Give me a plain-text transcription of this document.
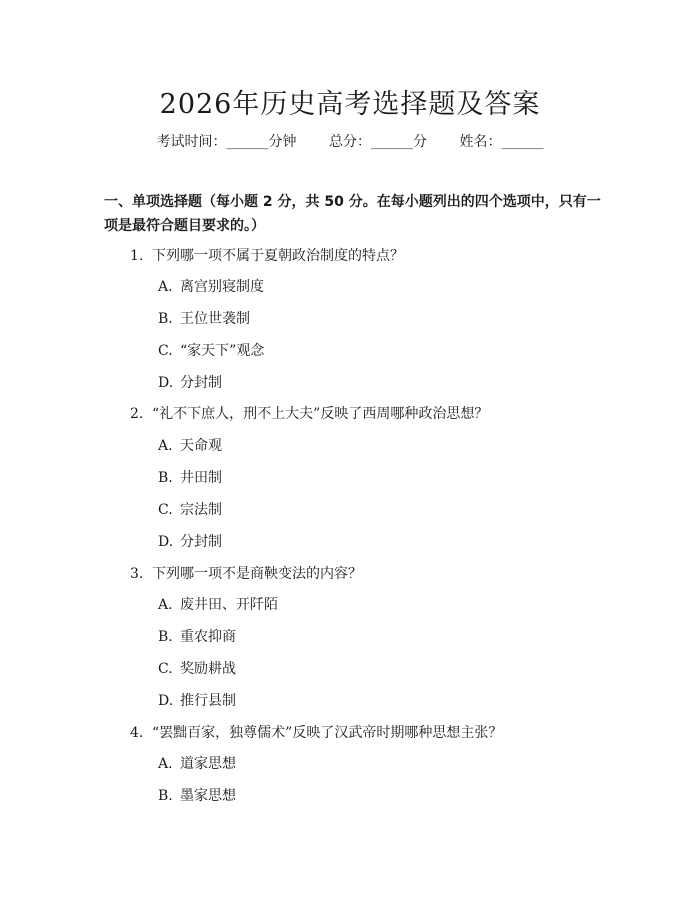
2026年历史高考选择题及答案
考试时间：______分钟 总分：______分 姓名：______
一、单项选择题（每小题 2 分，共 50 分。在每小题列出的四个选项中，只有一项是最符合题目要求的。）
1. 下列哪一项不属于夏朝政治制度的特点？
A. 离宫别寝制度
B. 王位世袭制
C. “家天下”观念
D. 分封制
2. “礼不下庶人，刑不上大夫”反映了西周哪种政治思想？
A. 天命观
B. 井田制
C. 宗法制
D. 分封制
3. 下列哪一项不是商鞅变法的内容？
A. 废井田、开阡陌
B. 重农抑商
C. 奖励耕战
D. 推行县制
4. “罢黜百家，独尊儒术”反映了汉武帝时期哪种思想主张？
A. 道家思想
B. 墨家思想
